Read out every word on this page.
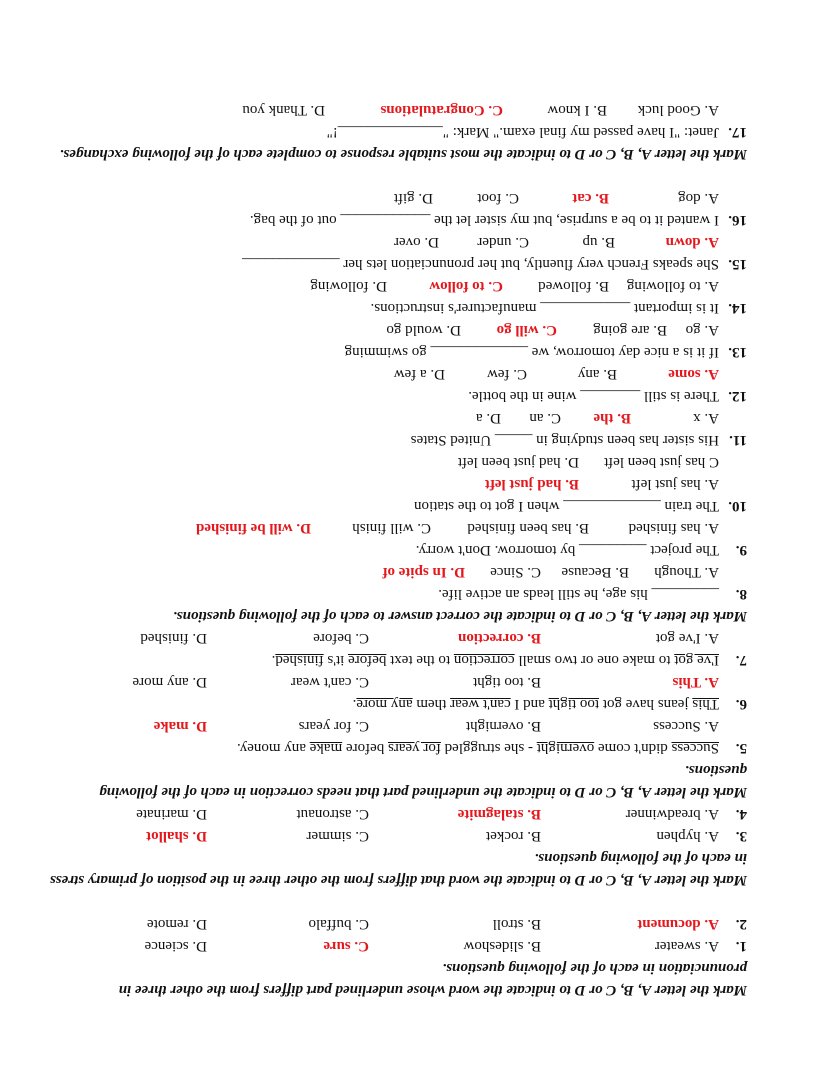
Mark the letter A, B, C or D to indicate the word whose underlined part differs from the other three in pronunciation in each of the following questions.

1.
A. sweater
B. slideshow
C. sure
D. science
2.
A. document
B. stroll
C. buffalo
D. remote

Mark the letter A, B, C or D to indicate the word that differs from the other three in the position of primary stress in each of the following questions.

3.
A. hyphen
B. rocket
C. simmer
D. shallot
4.
A. breadwinner
B. stalagmite
C. astronaut
D. marinate

Mark the letter A, B, C or D to indicate the underlined part that needs correction in each of the following questions.

5.Success didn't come overnight - she struggled for years before make any money.

A. Success
B. overnight
C. for years
D. make

6.This jeans have got too tight and I can't wear them any more.

A. This
B. too tight
C. can't wear
D. any more

7.I've got to make one or two small correction to the text before it's finished.

A. I've got
B. correction
C. before
D. finished

Mark the letter A, B, C or D to indicate the correct answer to each of the following questions.

8._________ his age, he still leads an active life.

A. Though
B. Because
C. Since
D. In spite of

9.The project _________ by tomorrow. Don't worry.

A. has finished
B. has been finished
C. will finish
D. will be finished

10.The train _____________ when I got to the station

A. has just left
B. had just left
C has just been left
D. had just been left

11.His sister has been studying in _____ United States

A. x
B. the
C. an
D. a

12.There is still ________ wine in the bottle.

A. some
B. any
C. few
D. a few

13.If it is a nice day tomorrow, we _____________ go swimming

A. go
B. are going
C. will go
D. would go

14.It is important ____________ manufacturer's instructions.

A. to following
B. followed
C. to follow
D. following

15.She speaks French very fluently, but her pronunciation lets her _____________

A. down
B. up
C. under
D. over

16.I wanted it to be a surprise, but my sister let the ____________ out of the bag.

A. dog
B. cat
C. foot
D. gift

Mark the letter A, B, C or D to indicate the most suitable response to complete each of the following exchanges.

17.Janet: "I have passed my final exam." Mark: "______________!"

A. Good luck
B. I know
C. Congratulations
D. Thank you
